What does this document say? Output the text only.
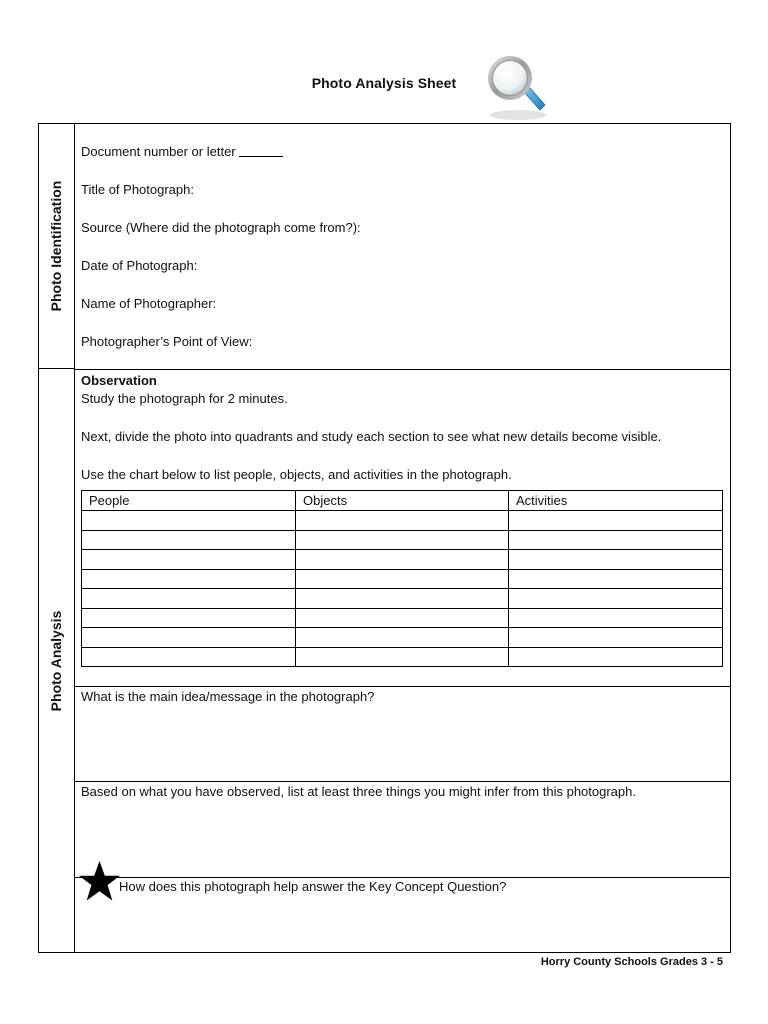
Photo Analysis Sheet
Photo Identification
Photo Analysis
Document number or letter
Title of Photograph:
Source (Where did the photograph come from?):
Date of Photograph:
Name of Photographer:
Photographer’s Point of View:
Observation
Study the photograph for 2 minutes.
Next, divide the photo into quadrants and study each section to see what new details become visible.
Use the chart below to list people, objects, and activities in the photograph.
People	Objects	Activities

What is the main idea/message in the photograph?
Based on what you have observed, list at least three things you might infer from this photograph.
How does this photograph help answer the Key Concept Question?
Horry County Schools Grades 3 - 5
